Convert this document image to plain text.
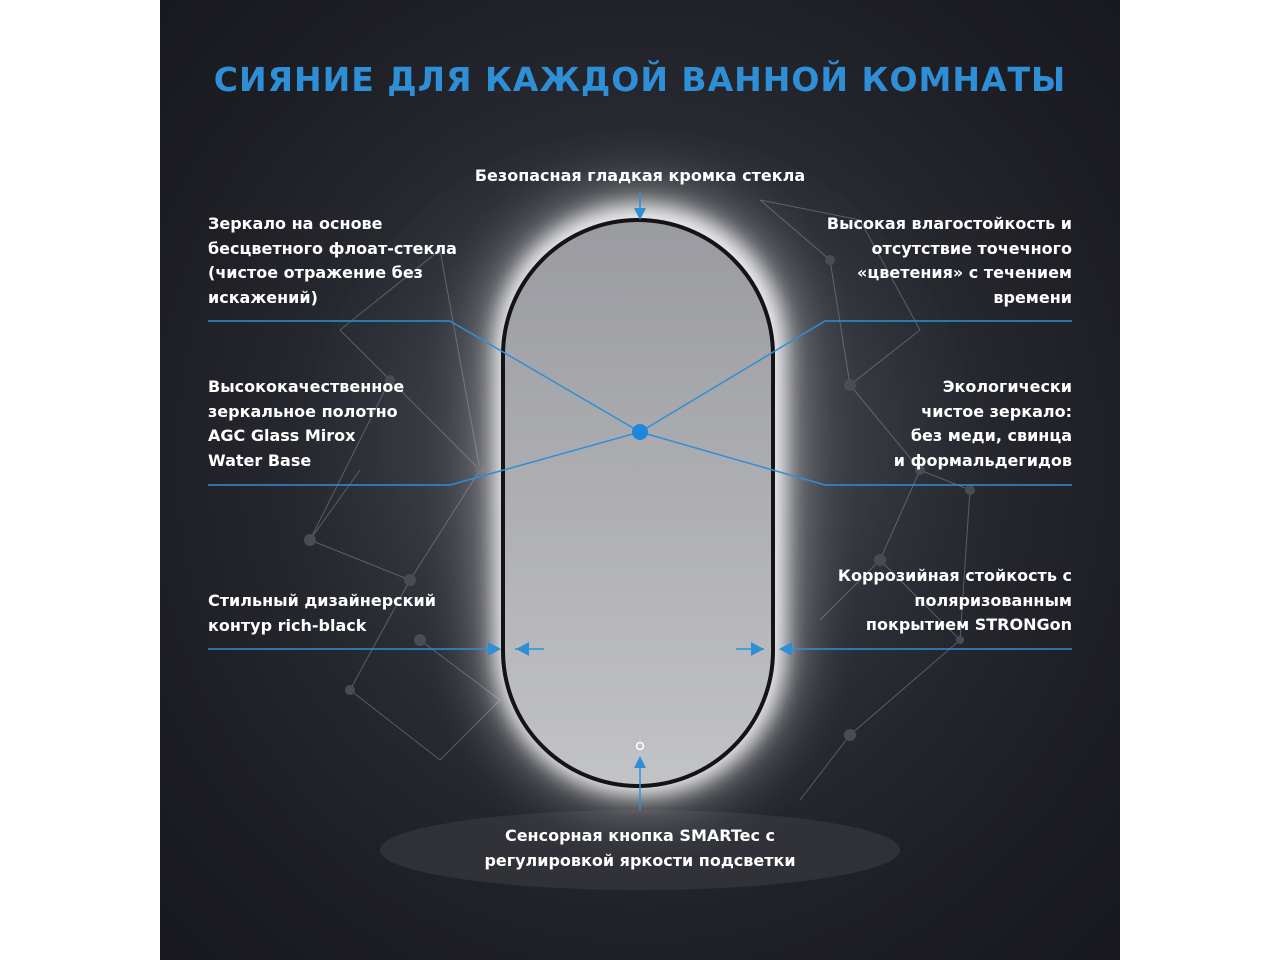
СИЯНИЕ ДЛЯ КАЖДОЙ ВАННОЙ КОМНАТЫ
Безопасная гладкая кромка стекла
Зеркало на основе
бесцветного флоат-стекла
(чистое отражение без
искажений)
Высококачественное
зеркальное полотно
AGC Glass Mirox
Water Base
Стильный дизайнерский
контур rich-black
Высокая влагостойкость и
отсутствие точечного
«цветения» с течением
времени
Экологически
чистое зеркало:
без меди, свинца
и формальдегидов
Коррозийная стойкость с
поляризованным
покрытием STRONGon
Сенсорная кнопка SMARTec с
регулировкой яркости подсветки
